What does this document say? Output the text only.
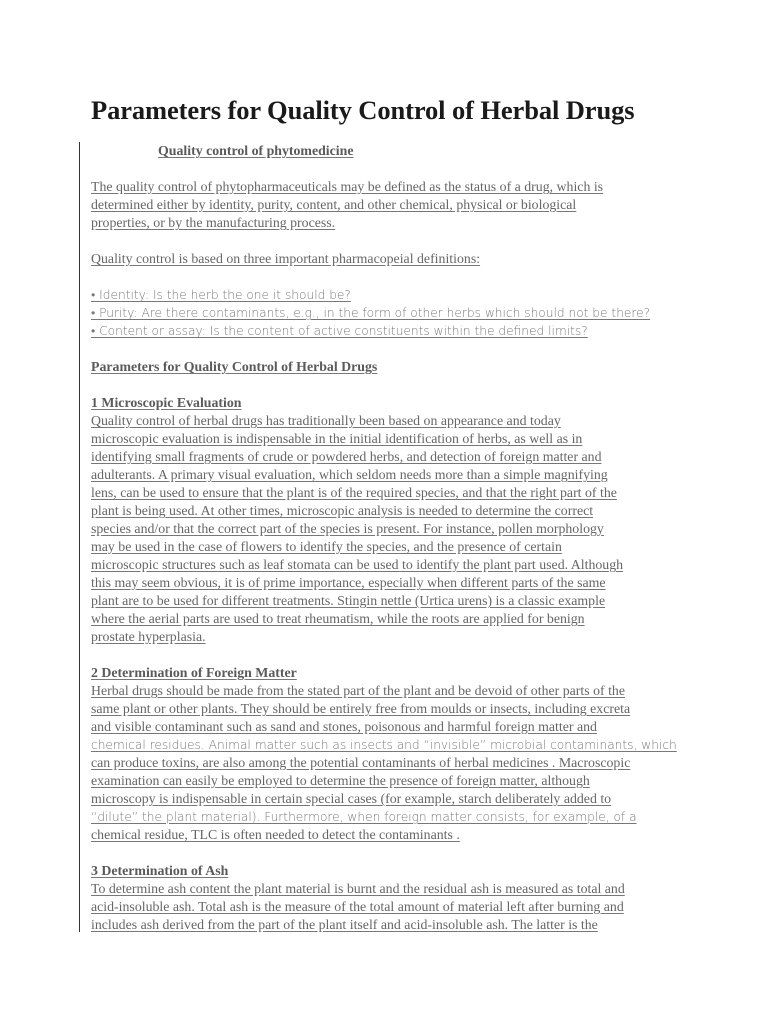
Parameters for Quality Control of Herbal Drugs
Quality control of phytomedicine
The quality control of phytopharmaceuticals may be defined as the status of a drug, which is
determined either by identity, purity, content, and other chemical, physical or biological
properties, or by the manufacturing process.
Quality control is based on three important pharmacopeial definitions:
• Identity: Is the herb the one it should be?
• Purity: Are there contaminants, e.g., in the form of other herbs which should not be there?
• Content or assay: Is the content of active constituents within the defined limits?
Parameters for Quality Control of Herbal Drugs
1 Microscopic Evaluation
Quality control of herbal drugs has traditionally been based on appearance and today
microscopic evaluation is indispensable in the initial identification of herbs, as well as in
identifying small fragments of crude or powdered herbs, and detection of foreign matter and
adulterants. A primary visual evaluation, which seldom needs more than a simple magnifying
lens, can be used to ensure that the plant is of the required species, and that the right part of the
plant is being used. At other times, microscopic analysis is needed to determine the correct
species and/or that the correct part of the species is present. For instance, pollen morphology
may be used in the case of flowers to identify the species, and the presence of certain
microscopic structures such as leaf stomata can be used to identify the plant part used. Although
this may seem obvious, it is of prime importance, especially when different parts of the same
plant are to be used for different treatments. Stingin nettle (Urtica urens) is a classic example
where the aerial parts are used to treat rheumatism, while the roots are applied for benign
prostate hyperplasia.
2 Determination of Foreign Matter
Herbal drugs should be made from the stated part of the plant and be devoid of other parts of the
same plant or other plants. They should be entirely free from moulds or insects, including excreta
and visible contaminant such as sand and stones, poisonous and harmful foreign matter and
chemical residues. Animal matter such as insects and “invisible” microbial contaminants, which
can produce toxins, are also among the potential contaminants of herbal medicines . Macroscopic
examination can easily be employed to determine the presence of foreign matter, although
microscopy is indispensable in certain special cases (for example, starch deliberately added to
“dilute” the plant material). Furthermore, when foreign matter consists, for example, of a
chemical residue, TLC is often needed to detect the contaminants .
3 Determination of Ash
To determine ash content the plant material is burnt and the residual ash is measured as total and
acid-insoluble ash. Total ash is the measure of the total amount of material left after burning and
includes ash derived from the part of the plant itself and acid-insoluble ash. The latter is the
